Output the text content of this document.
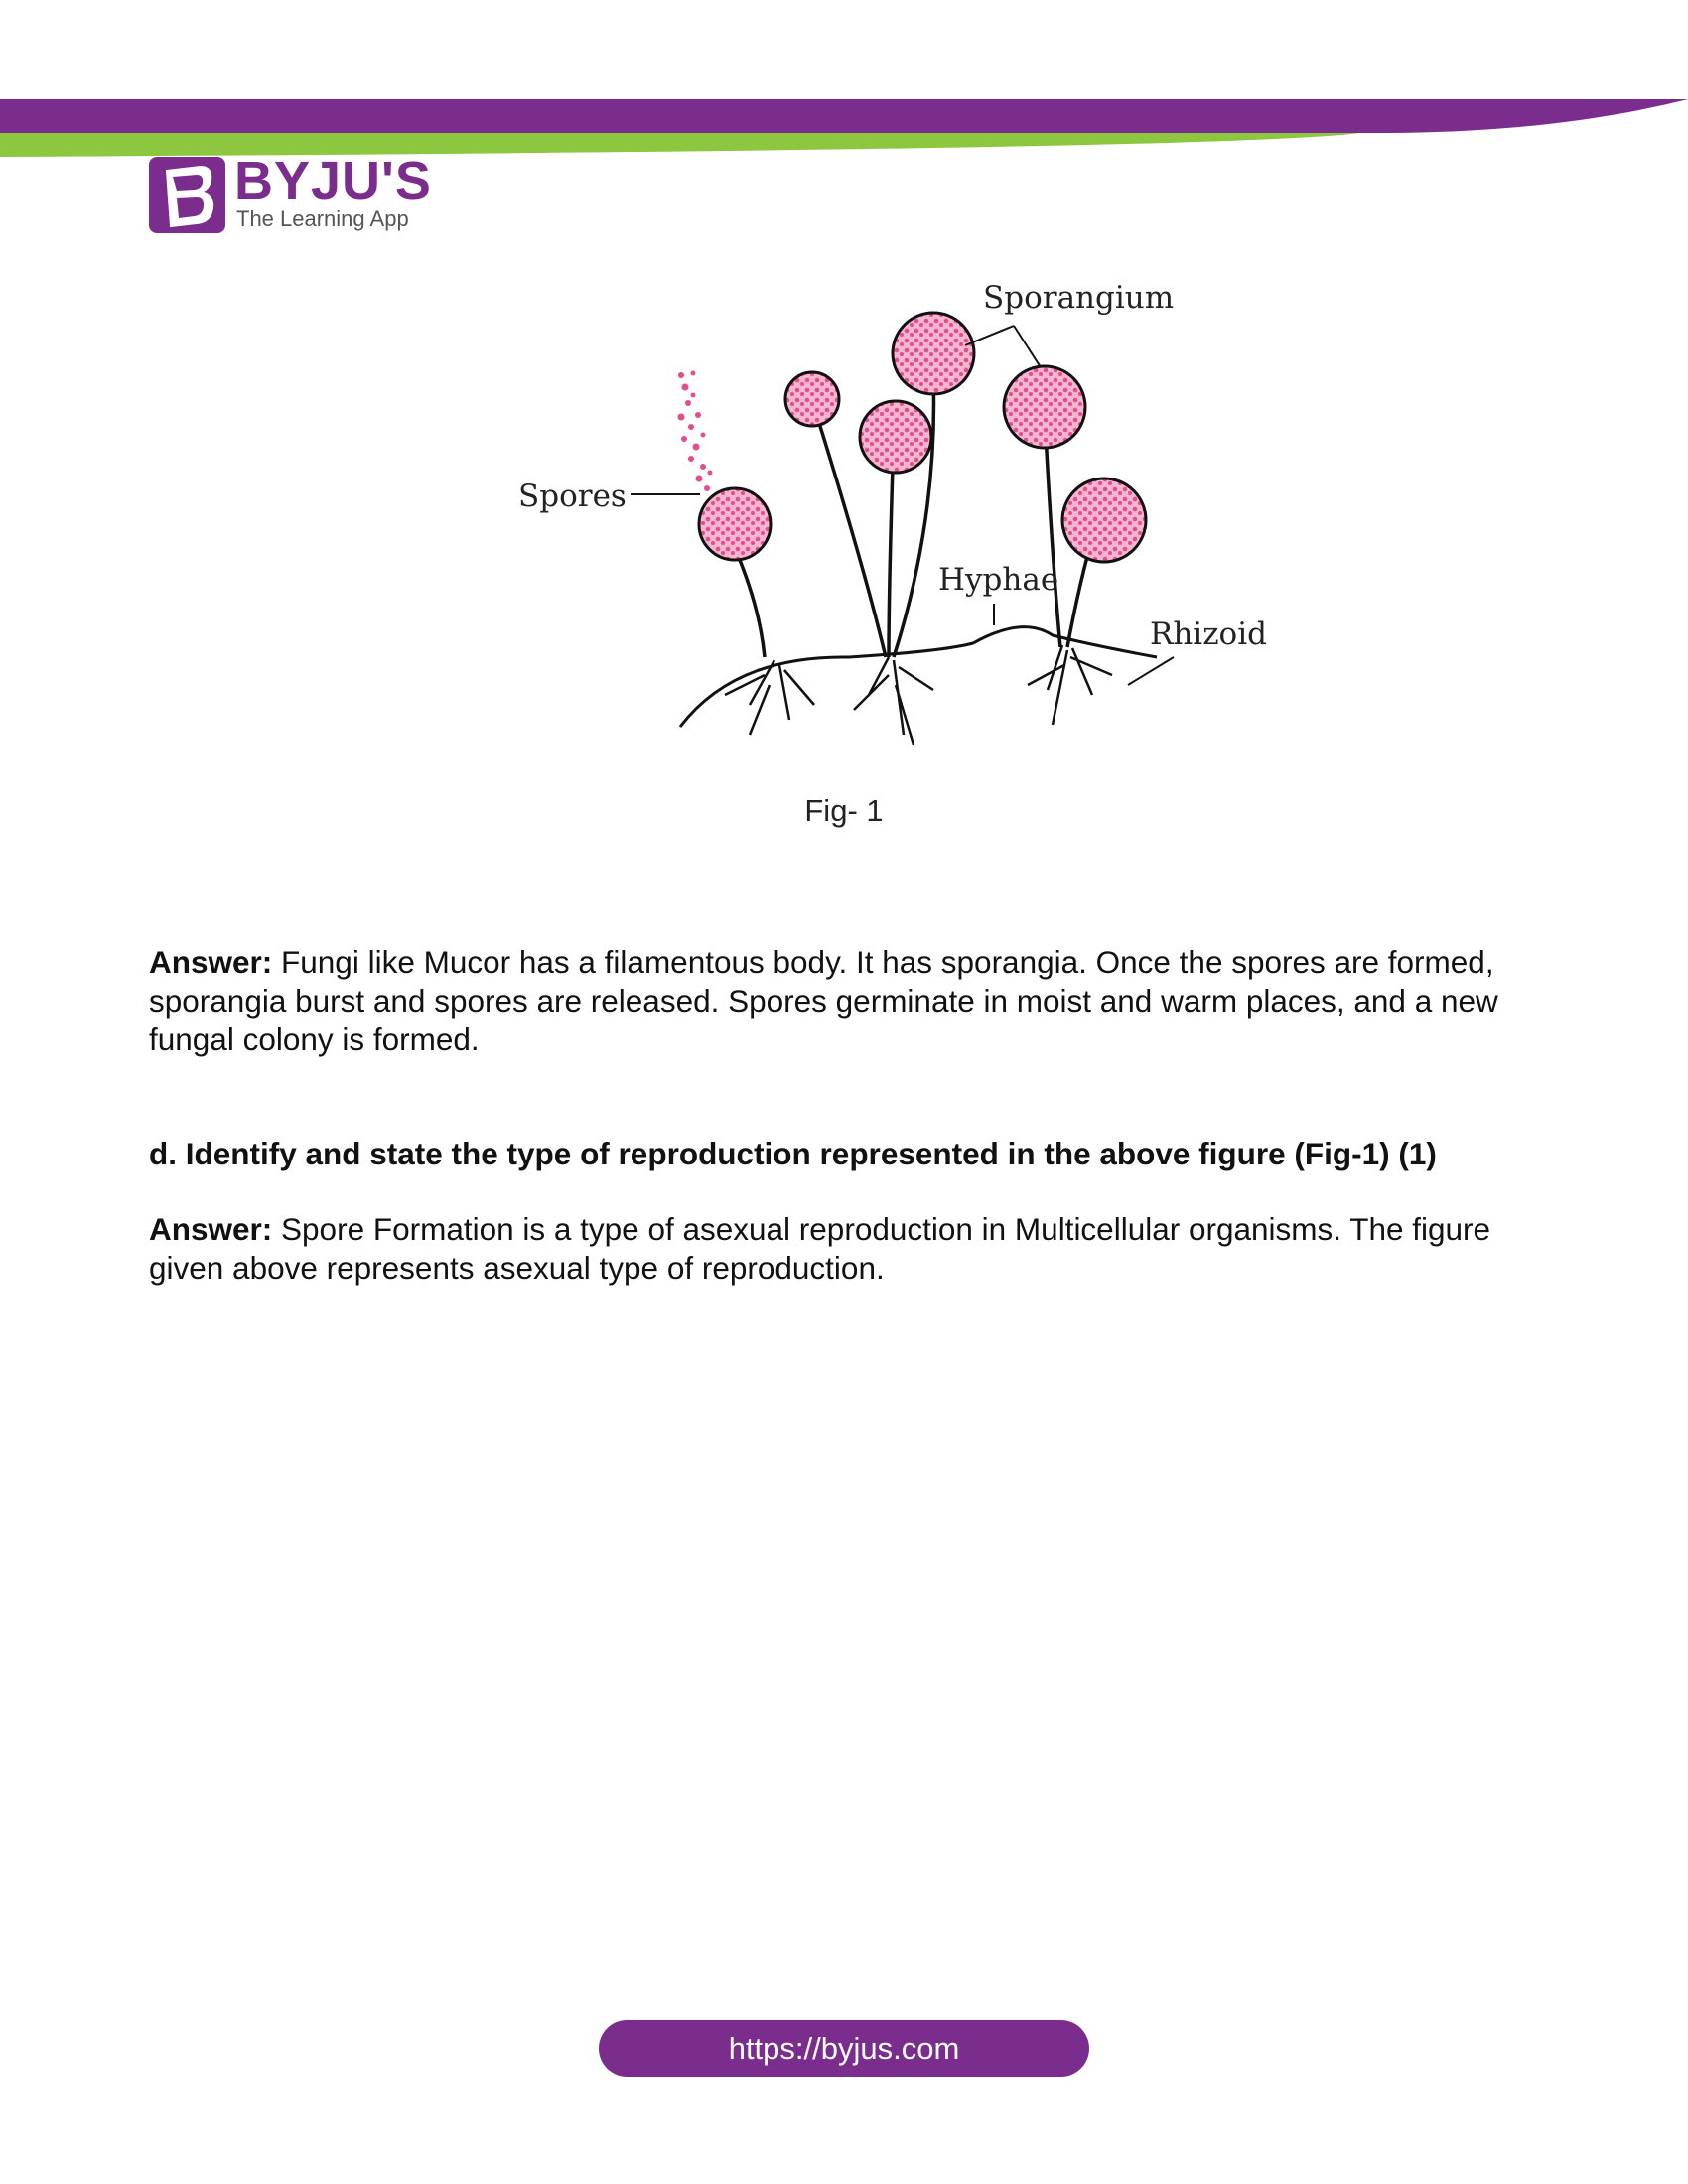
BYJU'S
The Learning App
Sporangium
Spores
Hyphae
Rhizoid
Fig- 1

Answer: Fungi like Mucor has a filamentous body. It has sporangia. Once the spores are formed, sporangia burst and spores are released. Spores germinate in moist and warm places, and a new fungal colony is formed.

d. Identify and state the type of reproduction represented in the above figure (Fig-1) (1)

Answer: Spore Formation is a type of asexual reproduction in Multicellular organisms. The figure given above represents asexual type of reproduction.

https://byjus.com
